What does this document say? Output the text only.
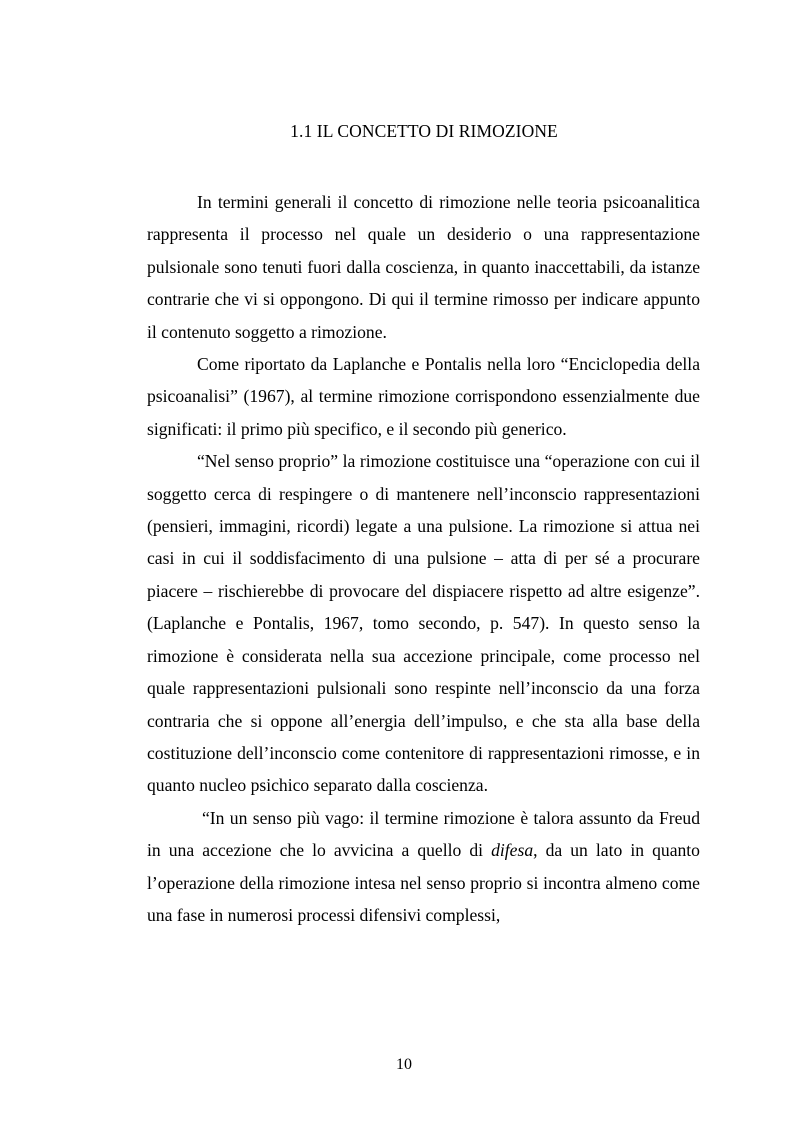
1.1 IL CONCETTO DI RIMOZIONE

In termini generali il concetto di rimozione nelle teoria psicoanalitica rappresenta il processo nel quale un desiderio o una rappresentazione pulsionale sono tenuti fuori dalla coscienza, in quanto inaccettabili, da istanze contrarie che vi si oppongono. Di qui il termine rimosso per indicare appunto il contenuto soggetto a rimozione.

Come riportato da Laplanche e Pontalis nella loro “Enciclopedia della psicoanalisi” (1967), al termine rimozione corrispondono essenzialmente due significati: il primo più specifico, e il secondo più generico.

“Nel senso proprio” la rimozione costituisce una “operazione con cui il soggetto cerca di respingere o di mantenere nell’inconscio rappresentazioni (pensieri, immagini, ricordi) legate a una pulsione. La rimozione si attua nei casi in cui il soddisfacimento di una pulsione – atta di per sé a procurare piacere – rischierebbe di provocare del dispiacere rispetto ad altre esigenze”. (Laplanche e Pontalis, 1967, tomo secondo, p. 547). In questo senso la rimozione è considerata nella sua accezione principale, come processo nel quale rappresentazioni pulsionali sono respinte nell’inconscio da una forza contraria che si oppone all’energia dell’impulso, e che sta alla base della costituzione dell’inconscio come contenitore di rappresentazioni rimosse, e in quanto nucleo psichico separato dalla coscienza.

“In un senso più vago: il termine rimozione è talora assunto da Freud in una accezione che lo avvicina a quello di difesa, da un lato in quanto l’operazione della rimozione intesa nel senso proprio si incontra almeno come una fase in numerosi processi difensivi complessi,

10
